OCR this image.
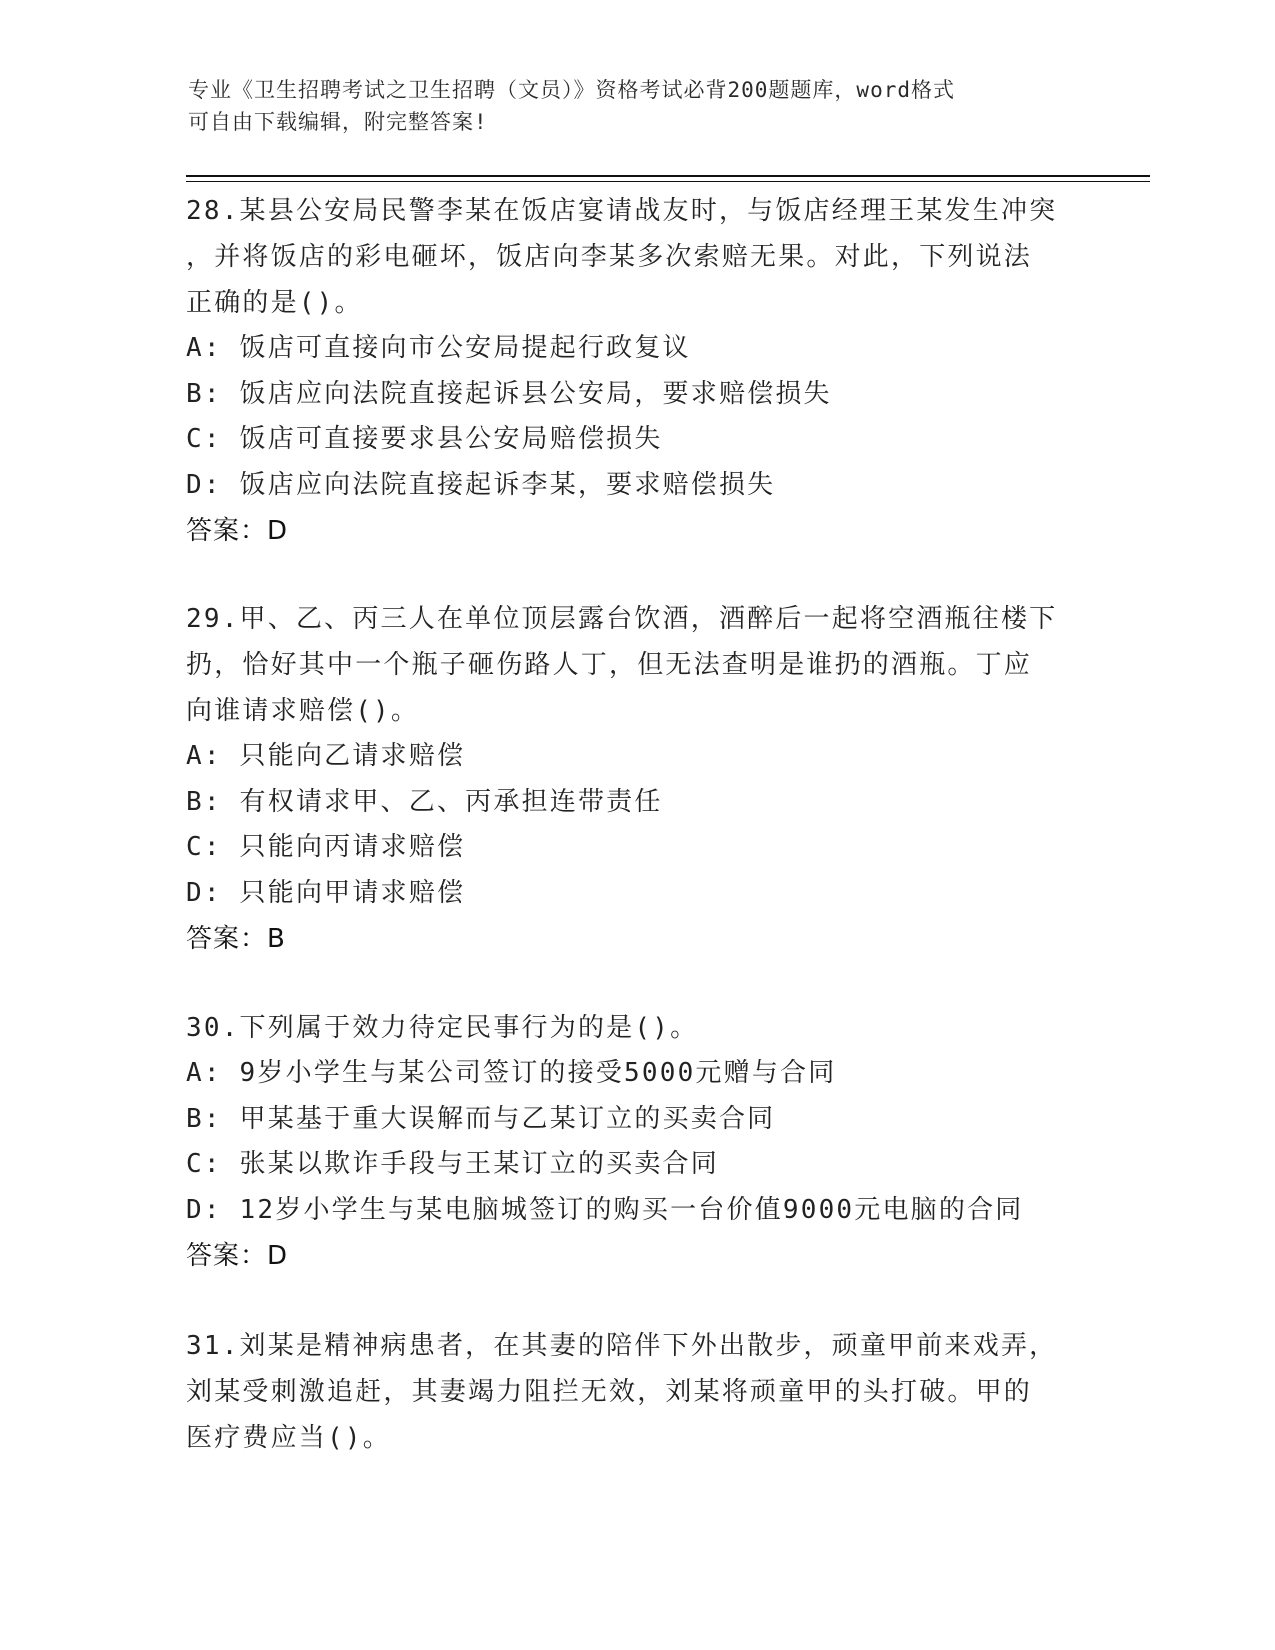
专业《卫生招聘考试之卫生招聘（文员）》资格考试必背200题题库，word格式
可自由下载编辑，附完整答案!
28.某县公安局民警李某在饭店宴请战友时，与饭店经理王某发生冲突
，并将饭店的彩电砸坏，饭店向李某多次索赔无果。对此，下列说法
正确的是()。
A: 饭店可直接向市公安局提起行政复议
B: 饭店应向法院直接起诉县公安局，要求赔偿损失
C: 饭店可直接要求县公安局赔偿损失
D: 饭店应向法院直接起诉李某，要求赔偿损失
答案：D
29.甲、乙、丙三人在单位顶层露台饮酒，酒醉后一起将空酒瓶往楼下
扔，恰好其中一个瓶子砸伤路人丁，但无法查明是谁扔的酒瓶。丁应
向谁请求赔偿()。
A: 只能向乙请求赔偿
B: 有权请求甲、乙、丙承担连带责任
C: 只能向丙请求赔偿
D: 只能向甲请求赔偿
答案：B
30.下列属于效力待定民事行为的是()。
A: 9岁小学生与某公司签订的接受5000元赠与合同
B: 甲某基于重大误解而与乙某订立的买卖合同
C: 张某以欺诈手段与王某订立的买卖合同
D: 12岁小学生与某电脑城签订的购买一台价值9000元电脑的合同
答案：D
31.刘某是精神病患者，在其妻的陪伴下外出散步，顽童甲前来戏弄，
刘某受刺激追赶，其妻竭力阻拦无效，刘某将顽童甲的头打破。甲的
医疗费应当()。
